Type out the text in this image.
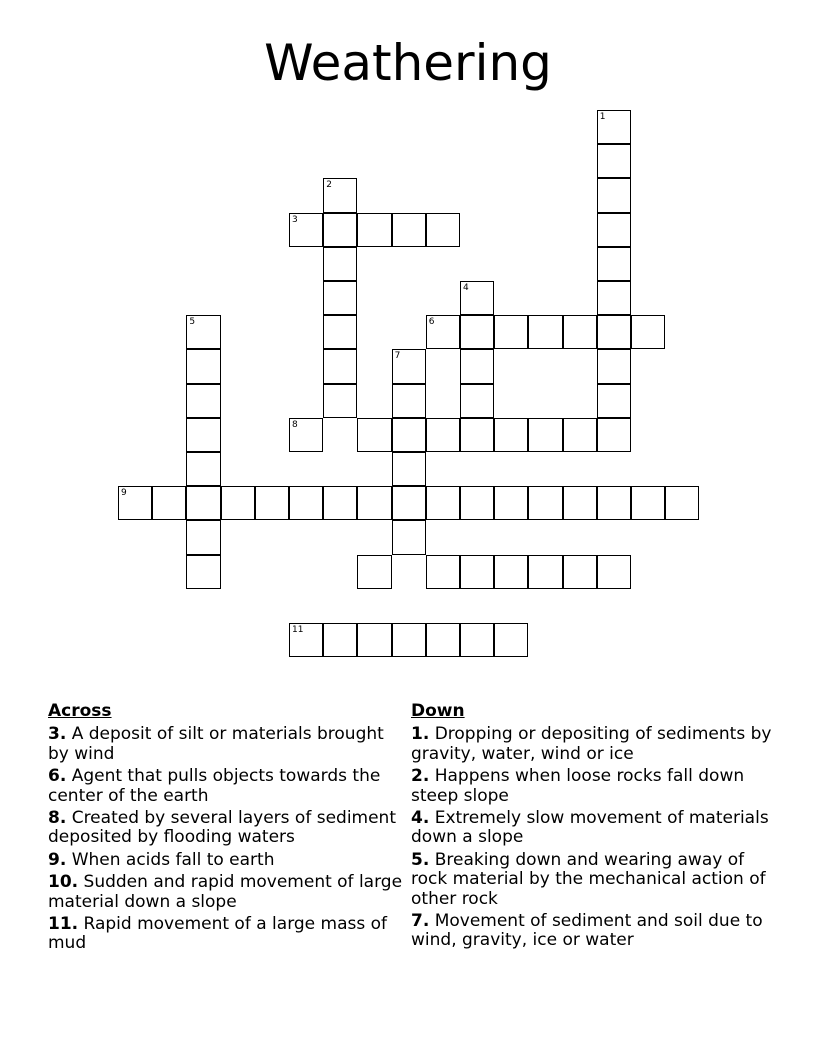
Weathering
1
2
3
4
6
5
7
8
9
11
Across
3. A deposit of silt or materials brought by wind
6. Agent that pulls objects towards the center of the earth
8. Created by several layers of sediment deposited by flooding waters
9. When acids fall to earth
10. Sudden and rapid movement of large material down a slope
11. Rapid movement of a large mass of mud
Down
1. Dropping or depositing of sediments by gravity, water, wind or ice
2. Happens when loose rocks fall down steep slope
4. Extremely slow movement of materials down a slope
5. Breaking down and wearing away of rock material by the mechanical action of other rock
7. Movement of sediment and soil due to wind, gravity, ice or water
